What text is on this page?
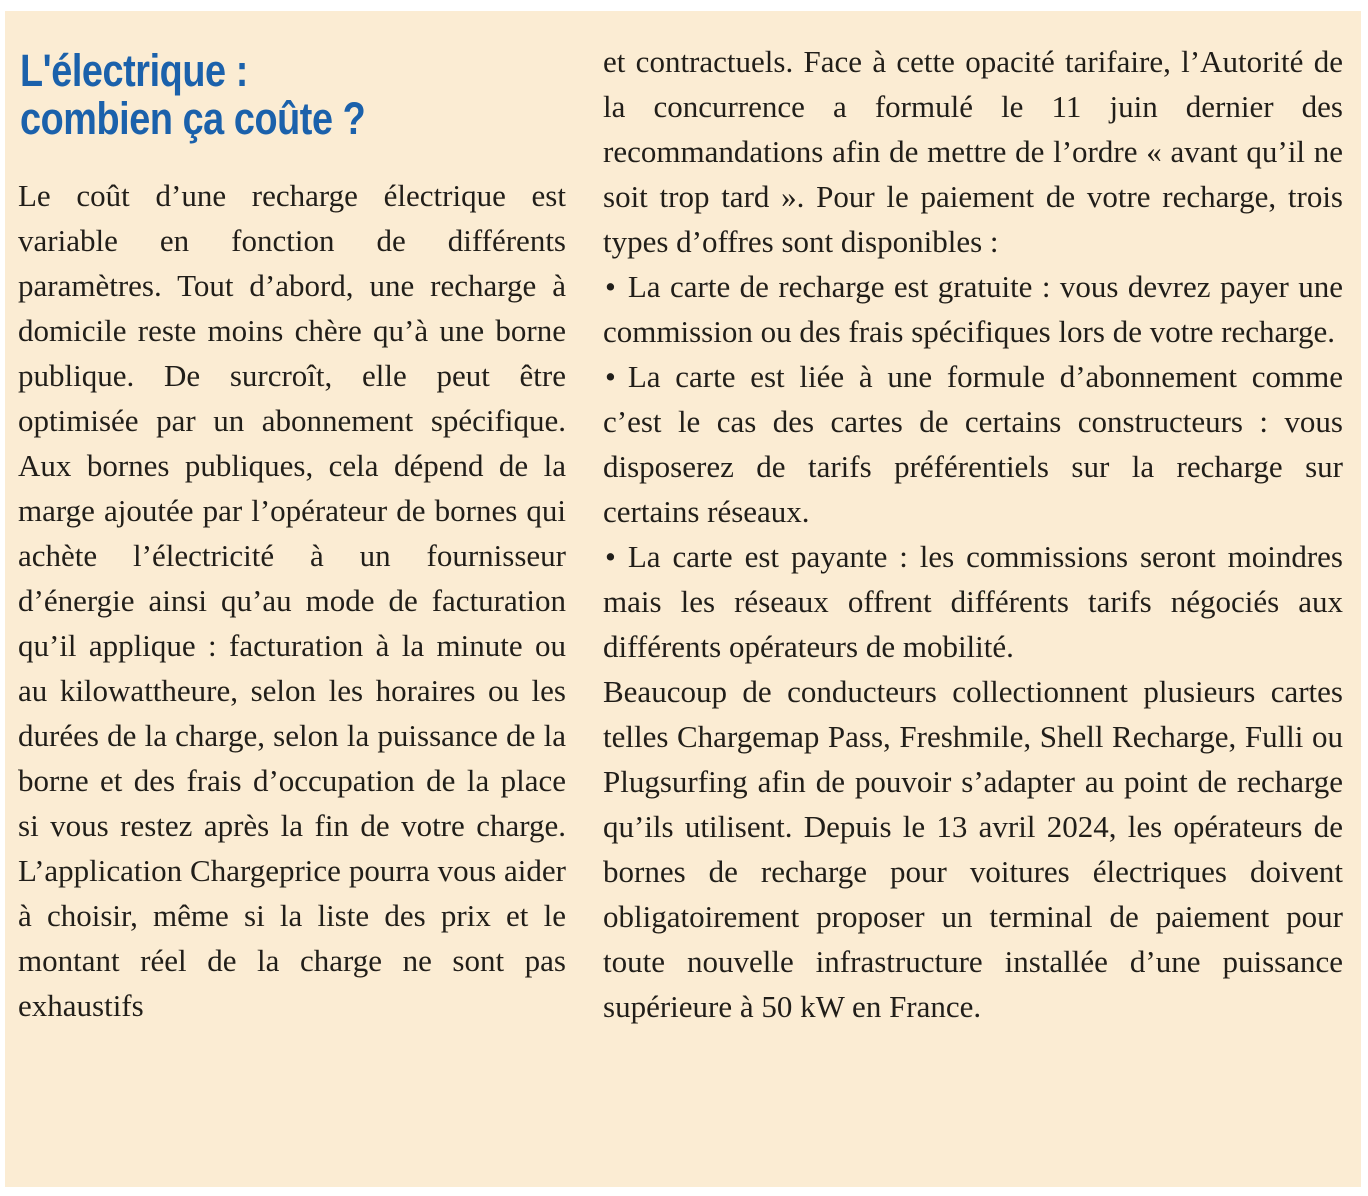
L'électrique :
combien ça coûte ?

Le coût d’une recharge électrique est variable en fonction de différents paramètres. Tout d’abord, une recharge à domicile reste moins chère qu’à une borne publique. De surcroît, elle peut être optimisée par un abonnement spécifique. Aux bornes publiques, cela dépend de la marge ajoutée par l’opérateur de bornes qui achète l’électricité à un fournisseur d’énergie ainsi qu’au mode de facturation qu’il applique : facturation à la minute ou au kilowattheure, selon les horaires ou les durées de la charge, selon la puissance de la borne et des frais d’occupation de la place si vous restez après la fin de votre charge. L’application Chargeprice pourra vous aider à choisir, même si la liste des prix et le montant réel de la charge ne sont pas exhaustifs

et contractuels. Face à cette opacité tarifaire, l’Autorité de la concurrence a formulé le 11 juin dernier des recommandations afin de mettre de l’ordre « avant qu’il ne soit trop tard ». Pour le paiement de votre recharge, trois types d’offres sont disponibles :

• La carte de recharge est gratuite : vous devrez payer une commission ou des frais spécifiques lors de votre recharge.

• La carte est liée à une formule d’abonnement comme c’est le cas des cartes de certains constructeurs : vous disposerez de tarifs préférentiels sur la recharge sur certains réseaux.

• La carte est payante : les commissions seront moindres mais les réseaux offrent différents tarifs négociés aux différents opérateurs de mobilité.

Beaucoup de conducteurs collectionnent plusieurs cartes telles Chargemap Pass, Freshmile, Shell Recharge, Fulli ou Plugsurfing afin de pouvoir s’adapter au point de recharge qu’ils utilisent. Depuis le 13 avril 2024, les opérateurs de bornes de recharge pour voitures électriques doivent obligatoirement proposer un terminal de paiement pour toute nouvelle infrastructure installée d’une puissance supérieure à 50 kW en France.
